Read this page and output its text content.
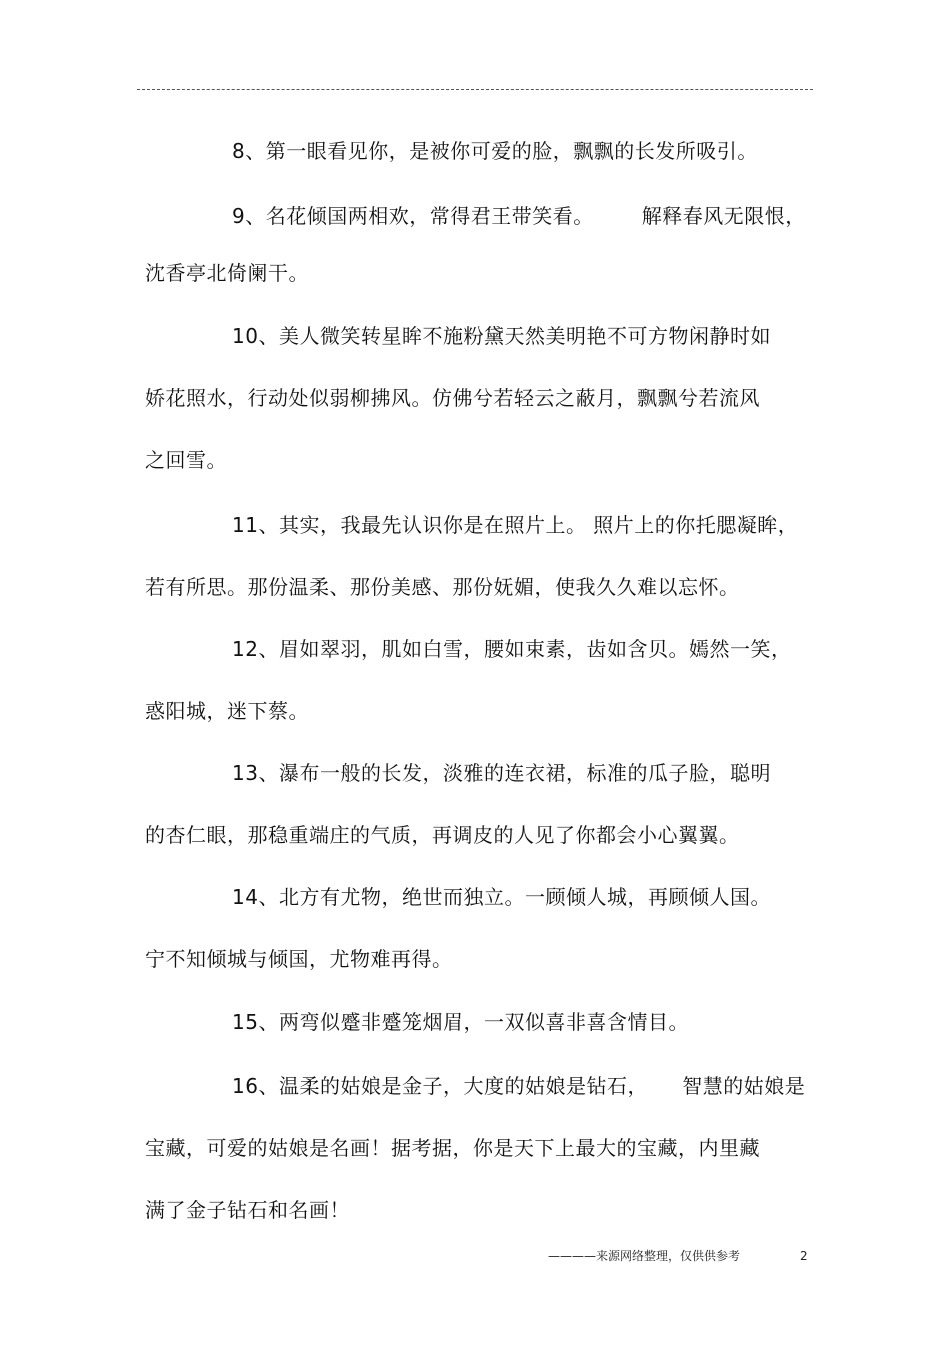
8、第一眼看见你，是被你可爱的脸，飘飘的长发所吸引。
9、名花倾国两相欢，常得君王带笑看。       解释春风无限恨，
沈香亭北倚阑干。
10、美人微笑转星眸不施粉黛天然美明艳不可方物闲静时如
娇花照水，行动处似弱柳拂风。仿佛兮若轻云之蔽月，飘飘兮若流风
之回雪。
11、其实，我最先认识你是在照片上。 照片上的你托腮凝眸，
若有所思。那份温柔、那份美感、那份妩媚，使我久久难以忘怀。
12、眉如翠羽，肌如白雪，腰如束素，齿如含贝。嫣然一笑，
惑阳城，迷下蔡。
13、瀑布一般的长发，淡雅的连衣裙，标准的瓜子脸，聪明
的杏仁眼，那稳重端庄的气质，再调皮的人见了你都会小心翼翼。
14、北方有尤物，绝世而独立。一顾倾人城，再顾倾人国。
宁不知倾城与倾国，尤物难再得。
15、两弯似蹙非蹙笼烟眉，一双似喜非喜含情目。
16、温柔的姑娘是金子，大度的姑娘是钻石，     智慧的姑娘是
宝藏，可爱的姑娘是名画！据考据，你是天下上最大的宝藏，内里藏
满了金子钻石和名画！
————来源网络整理，仅供供参考	2
